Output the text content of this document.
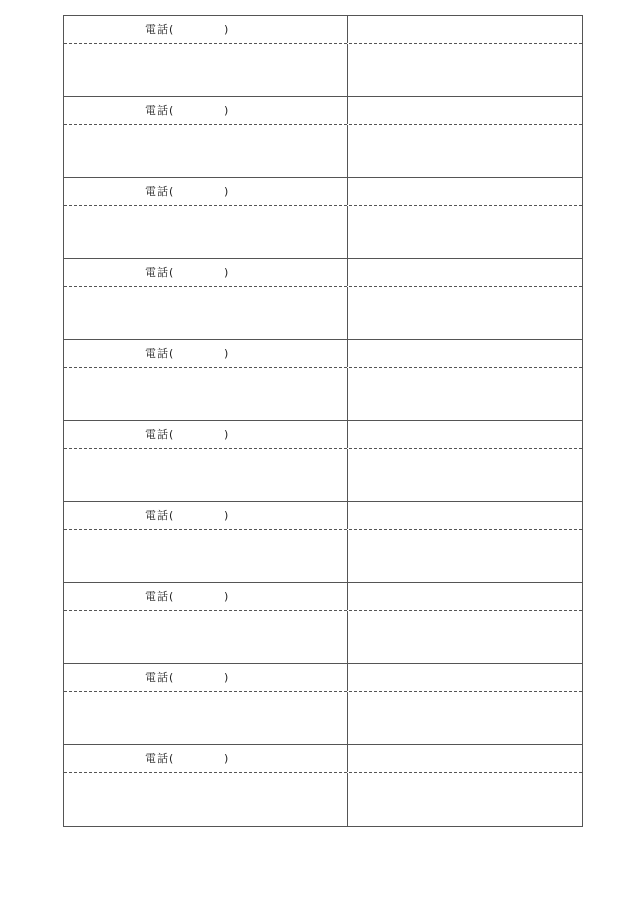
電話(	)
電話(	)
電話(	)
電話(	)
電話(	)
電話(	)
電話(	)
電話(	)
電話(	)
電話(	)
